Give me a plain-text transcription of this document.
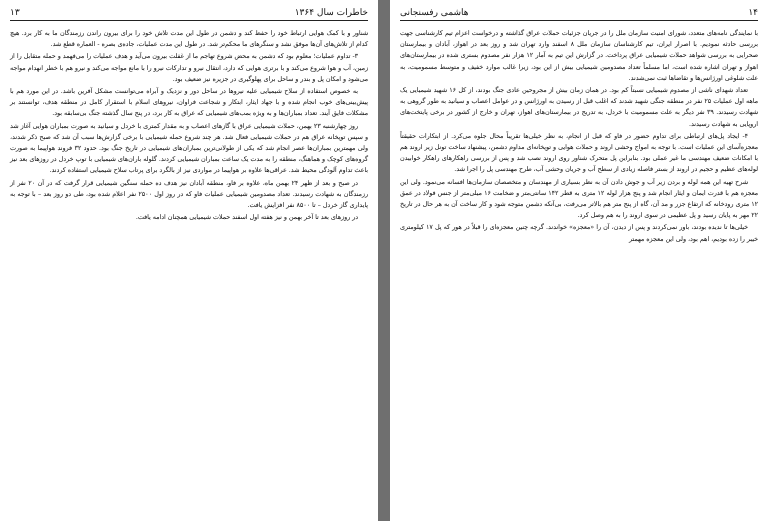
خاطرات سال ۱۳۶۴
۱۳

شناور و با کمک هوایی ارتباط خود را حفظ کند و دشمن در طول این مدت تلاش خود را برای بیرون راندن رزمندگان ما به کار برد. هیچ کدام از تلاش‌های آن‌ها موفق نشد و سنگرهای ما محکم‌تر شد. در طول این مدت عملیات، جاده‌ی بصره - العماره قطع شد.

۳- تداوم عملیات؛ معلوم بود که دشمن به محض شروع تهاجم ما از غفلت بیرون می‌آید و هدف عملیات را می‌فهمد و حمله متقابل را از زمین، آب و هوا شروع می‌کند و با برتری هوایی که دارد، انتقال نیرو و تدارکات نیرو را با مانع مواجه می‌کند و نیرو هم با خطر انهدام مواجه می‌شود و امکان پل و بندر و ساحل برای پهلوگیری در جزیره نیز ضعیف بود.

به خصوص استفاده از سلاح شیمیایی علیه نیروها در ساحل دور و نزدیک و آبراه می‌توانست مشکل آفرین باشد. در این مورد هم با پیش‌بینی‌های خوب انجام شده و با جهاد ایثار، ابتکار و شجاعت فراوان، نیروهای اسلام با استقرار کامل در منطقه هدف، توانستند بر مشکلات فایق آیند. تعداد بمباران‌ها و به ویژه بمب‌های شیمیایی که عراق به کار برد، در پنج سال گذشته جنگ بی‌سابقه بود.

روز چهارشنبه ۲۳ بهمن، حملات شیمیایی عراق با گازهای اعصاب و به مقدار کمتری با خردل و سیانید به صورت بمباران هوایی آغاز شد و سپس توپخانه عراق هم در حملات شیمیایی فعال شد. هر چند شروع حمله شیمیایی با برخی گزارش‌ها سبب آن شد که صبح ذکر شدند، ولی مهمترین بمباران‌ها عصر انجام شد که یکی از طولانی‌ترین بمباران‌های شیمیایی در تاریخ جنگ بود. حدود ۳۲ فروند هواپیما به صورت گروه‌های کوچک و هماهنگ، منطقه را به مدت یک ساعت بمباران شیمیایی کردند. گلوله باران‌های شیمیایی با توپ خردل در روزهای بعد نیز باعث تداوم آلودگی محیط شد. عراقی‌ها علاوه بر هواپیما در مواردی نیز از بالگرد برای پرتاب سلاح شیمیایی استفاده کردند.

در صبح و بعد از ظهر ۲۴ بهمن ماه، علاوه بر فاو، منطقه آبادان نیز هدف ده حمله سنگین شیمیایی قرار گرفت که در آن ۲۰ نفر از رزمندگان به شهادت رسیدند. تعداد مصدومین شیمیایی عملیات فاو که در روز اول ۲۵۰۰ نفر اعلام شده بود، طی دو روز بعد – با توجه به پایداری گاز خردل – تا ۸۵۰۰ نفر افزایش یافت.

در روزهای بعد تا آخر بهمن و نیز هفته اول اسفند حملات شیمیایی همچنان ادامه یافت.

۱۴
هاشمی رفسنجانی

با نمایندگی نامه‌های متعدد، شورای امنیت سازمان ملل را در جریان جزئیات حملات عراق گذاشته و درخواست اعزام تیم کارشناسی جهت بررسی حادثه نمودیم. با اصرار ایران، تیم کارشناسان سازمان ملل ۸ اسفند وارد تهران شد و روز بعد در اهواز، آبادان و بیمارستان صحرایی به بررسی شواهد حملات شیمیایی عراق پرداخت. در گزارش این تیم به آمار ۱۲ هزار نفر مصدوم بستری شده در بیمارستان‌های اهواز و تهران اشاره شده است، اما مسلماً تعداد مصدومین شیمیایی بیش از این بود، زیرا غالب موارد خفیف و متوسط مسمومیت، به علت شلوغی اورژانس‌ها و تقاضاها ثبت نمی‌شدند.

تعداد شهدای ناشی از مصدوم شیمیایی نسبتاً کم بود. در همان زمان بیش از مجروحین عادی جنگ بودند، از کل ۱۶ شهید شیمیایی یک ماهه اول عملیات ۲۵ نفر در منطقه جنگی شهید شدند که اغلب قبل از رسیدن به اورژانس و در عوامل اعصاب و سیانید به طور گروهی به شهادت رسیدند. ۳۹ نفر دیگر به علت مسمومیت با خردل، به تدریج در بیمارستان‌های اهواز، تهران و خارج از کشور در برخی پایتخت‌های اروپایی به شهادت رسیدند.

۴- ایجاد پل‌های ارتباطی برای تداوم حضور در فاو که قبل از انجام، به نظر خیلی‌ها تقریباً محال جلوه می‌کرد. از ابتکارات حقیقتاً معجزه‌آسای این عملیات است. با توجه به امواج وحشی اروند و حملات هوایی و توپخانه‌ای مداوم دشمن، پیشنهاد ساخت تونل زیر اروند هم با امکانات ضعیف مهندسی ما غیر عملی بود. بنابراین پل متحرک شناور روی اروند نصب شد و پس از بررسی راهکارهای راهکار خوابیدن لوله‌های عظیم و حجیم در اروند از بستر فاصله زیادی از سطح آب و جریان وحشی آب، طرح مهندسی پل را اجرا شد.

شرح تهیه این همه لوله و بردن زیر آب و جوش دادن آن به نظر بسیاری از مهندسان و متخصصان سازمان‌ها افسانه می‌نمود. ولی این معجزه هم با قدرت ایمان و ایثار انجام شد و پنج هزار لوله ۱۲ متری به قطر ۱۴۲ سانتی‌متر و ضخامت ۱۶ میلی‌متر از جنس فولاد در عمق ۱۲ متری رودخانه که ارتفاع جزر و مد آن، گاه از پنج متر هم بالاتر می‌رفت، بی‌آنکه دشمن متوجه شود و کار ساخت آن به هر حال در تاریخ ۲۲ مهر به پایان رسید و پل عظیمی در سوی اروند را به هم وصل کرد.

خیلی‌ها تا ندیده بودند، باور نمی‌کردند و پس از دیدن، آن را «معجزه» خواندند. گرچه چنین معجزه‌ای را قبلاً در هور که پل ۱۷ کیلومتری خیبر را زده بودیم، اهم بود، ولی این معجزه مهمتر
